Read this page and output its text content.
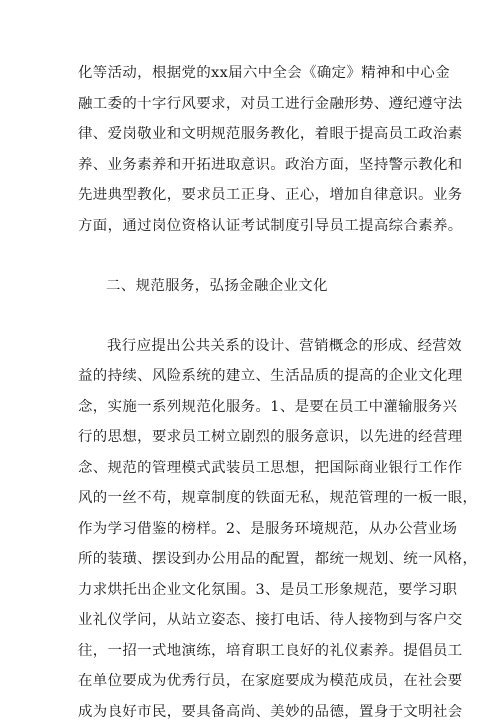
化等活动，根据党的xx届六中全会《确定》精神和中心金
融工委的十字行风要求，对员工进行金融形势、遵纪遵守法
律、爱岗敬业和文明规范服务教化，着眼于提高员工政治素
养、业务素养和开拓进取意识。政治方面，坚持警示教化和
先进典型教化，要求员工正身、正心，增加自律意识。业务
方面，通过岗位资格认证考试制度引导员工提高综合素养。
二、规范服务，弘扬金融企业文化
我行应提出公共关系的设计、营销概念的形成、经营效
益的持续、风险系统的建立、生活品质的提高的企业文化理
念，实施一系列规范化服务。1、是要在员工中灌输服务兴
行的思想，要求员工树立剧烈的服务意识，以先进的经营理
念、规范的管理模式武装员工思想，把国际商业银行工作作
风的一丝不苟，规章制度的铁面无私，规范管理的一板一眼，
作为学习借鉴的榜样。2、是服务环境规范，从办公营业场
所的装璜、摆设到办公用品的配置，都统一规划、统一风格，
力求烘托出企业文化氛围。3、是员工形象规范，要学习职
业礼仪学问，从站立姿态、接打电话、待人接物到与客户交
往，一招一式地演练，培育职工良好的礼仪素养。提倡员工
在单位要成为优秀行员，在家庭要成为模范成员，在社会要
成为良好市民，要具备高尚、美妙的品德，置身于文明社会
